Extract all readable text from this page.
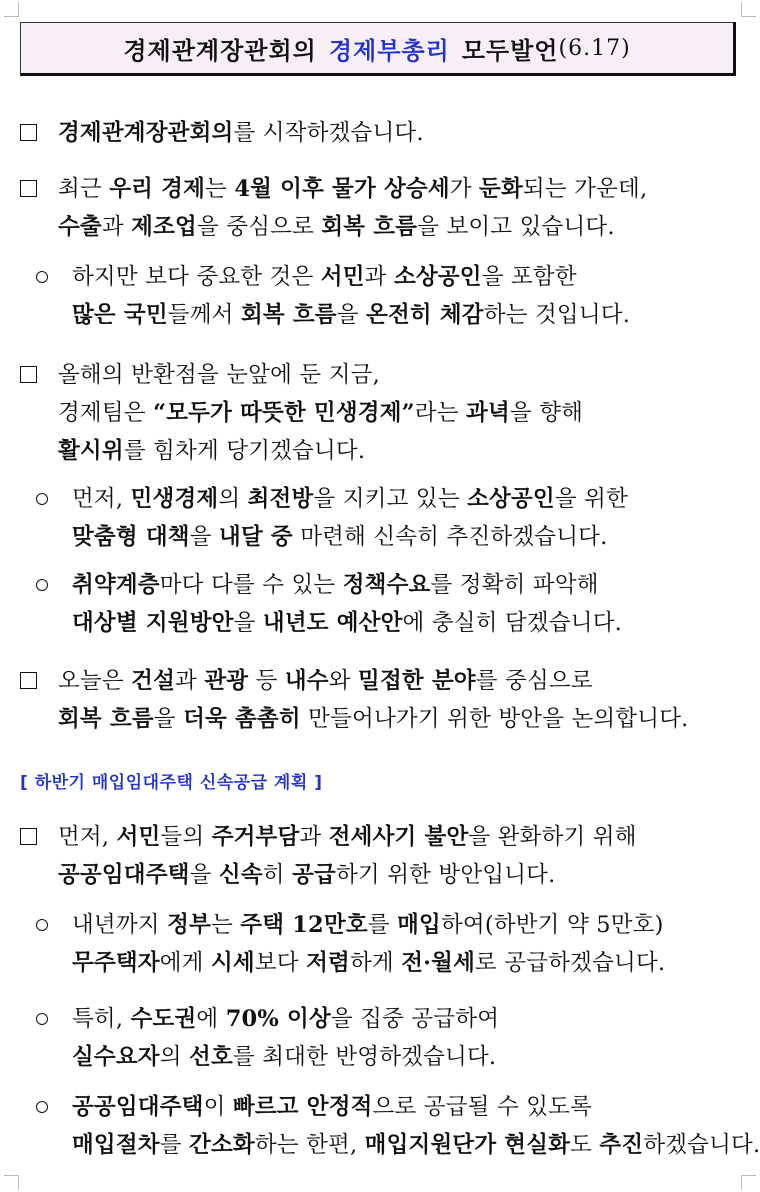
경제관계장관회의 경제부총리 모두발언 (6.17)
경제관계장관회의를 시작하겠습니다.
최근 우리 경제는 4월 이후 물가 상승세가 둔화되는 가운데,
수출과 제조업을 중심으로 회복 흐름을 보이고 있습니다.
하지만 보다 중요한 것은 서민과 소상공인을 포함한
많은 국민들께서 회복 흐름을 온전히 체감하는 것입니다.
올해의 반환점을 눈앞에 둔 지금,
경제팀은 “모두가 따뜻한 민생경제”라는 과녁을 향해
활시위를 힘차게 당기겠습니다.
먼저, 민생경제의 최전방을 지키고 있는 소상공인을 위한
맞춤형 대책을 내달 중 마련해 신속히 추진하겠습니다.
취약계층마다 다를 수 있는 정책수요를 정확히 파악해
대상별 지원방안을 내년도 예산안에 충실히 담겠습니다.
오늘은 건설과 관광 등 내수와 밀접한 분야를 중심으로
회복 흐름을 더욱 촘촘히 만들어나가기 위한 방안을 논의합니다.
[ 하반기 매입임대주택 신속공급 계획 ]
먼저, 서민들의 주거부담과 전세사기 불안을 완화하기 위해
공공임대주택을 신속히 공급하기 위한 방안입니다.
내년까지 정부는 주택 12만호를 매입하여(하반기 약 5만호)
무주택자에게 시세보다 저렴하게 전·월세로 공급하겠습니다.
특히, 수도권에 70% 이상을 집중 공급하여
실수요자의 선호를 최대한 반영하겠습니다.
공공임대주택이 빠르고 안정적으로 공급될 수 있도록
매입절차를 간소화하는 한편, 매입지원단가 현실화도 추진하겠습니다.
